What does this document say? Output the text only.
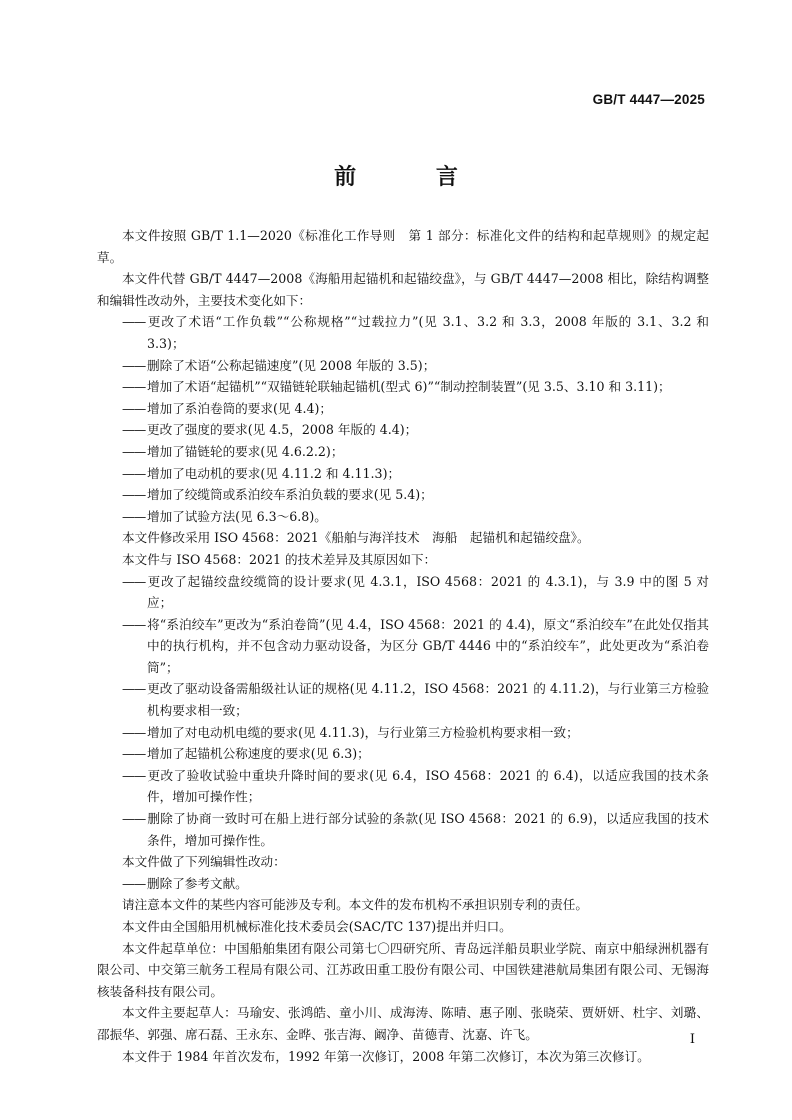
GB/T 4447—2025
前 言

本文件按照 GB/T 1.1—2020《标准化工作导则　第 1 部分：标准化文件的结构和起草规则》的规定起草。

本文件代替 GB/T 4447—2008《海船用起锚机和起锚绞盘》，与 GB/T 4447—2008 相比，除结构调整和编辑性改动外，主要技术变化如下：

—— 更改了术语“工作负载”“公称规格”“过载拉力”(见 3.1、3.2 和 3.3，2008 年版的 3.1、3.2 和 3.3)；

—— 删除了术语“公称起锚速度”(见 2008 年版的 3.5)；

—— 增加了术语“起锚机”“双锚链轮联轴起锚机(型式 6)”“制动控制装置”(见 3.5、3.10 和 3.11)；

—— 增加了系泊卷筒的要求(见 4.4)；

—— 更改了强度的要求(见 4.5，2008 年版的 4.4)；

—— 增加了锚链轮的要求(见 4.6.2.2)；

—— 增加了电动机的要求(见 4.11.2 和 4.11.3)；

—— 增加了绞缆筒或系泊绞车系泊负载的要求(见 5.4)；

—— 增加了试验方法(见 6.3～6.8)。

本文件修改采用 ISO 4568：2021《船舶与海洋技术　海船　起锚机和起锚绞盘》。

本文件与 ISO 4568：2021 的技术差异及其原因如下：

—— 更改了起锚绞盘绞缆筒的设计要求(见 4.3.1，ISO 4568：2021 的 4.3.1)，与 3.9 中的图 5 对应；

—— 将“系泊绞车”更改为“系泊卷筒”(见 4.4，ISO 4568：2021 的 4.4)，原文“系泊绞车”在此处仅指其中的执行机构，并不包含动力驱动设备，为区分 GB/T 4446 中的“系泊绞车”，此处更改为“系泊卷筒”；

—— 更改了驱动设备需船级社认证的规格(见 4.11.2，ISO 4568：2021 的 4.11.2)，与行业第三方检验机构要求相一致；

—— 增加了对电动机电缆的要求(见 4.11.3)，与行业第三方检验机构要求相一致；

—— 增加了起锚机公称速度的要求(见 6.3)；

—— 更改了验收试验中重块升降时间的要求(见 6.4，ISO 4568：2021 的 6.4)，以适应我国的技术条件，增加可操作性；

—— 删除了协商一致时可在船上进行部分试验的条款(见 ISO 4568：2021 的 6.9)，以适应我国的技术条件，增加可操作性。

本文件做了下列编辑性改动：

—— 删除了参考文献。

请注意本文件的某些内容可能涉及专利。本文件的发布机构不承担识别专利的责任。

本文件由全国船用机械标准化技术委员会(SAC/TC 137)提出并归口。

本文件起草单位：中国船舶集团有限公司第七〇四研究所、青岛远洋船员职业学院、南京中船绿洲机器有限公司、中交第三航务工程局有限公司、江苏政田重工股份有限公司、中国铁建港航局集团有限公司、无锡海核装备科技有限公司。

本文件主要起草人：马瑜安、张鸿皓、童小川、成海涛、陈晴、惠子刚、张晓荣、贾妍妍、杜宇、刘璐、邵振华、郭强、席石磊、王永东、金晔、张吉海、阚净、苗德青、沈嘉、许飞。

本文件于 1984 年首次发布，1992 年第一次修订，2008 年第二次修订，本次为第三次修订。

I
